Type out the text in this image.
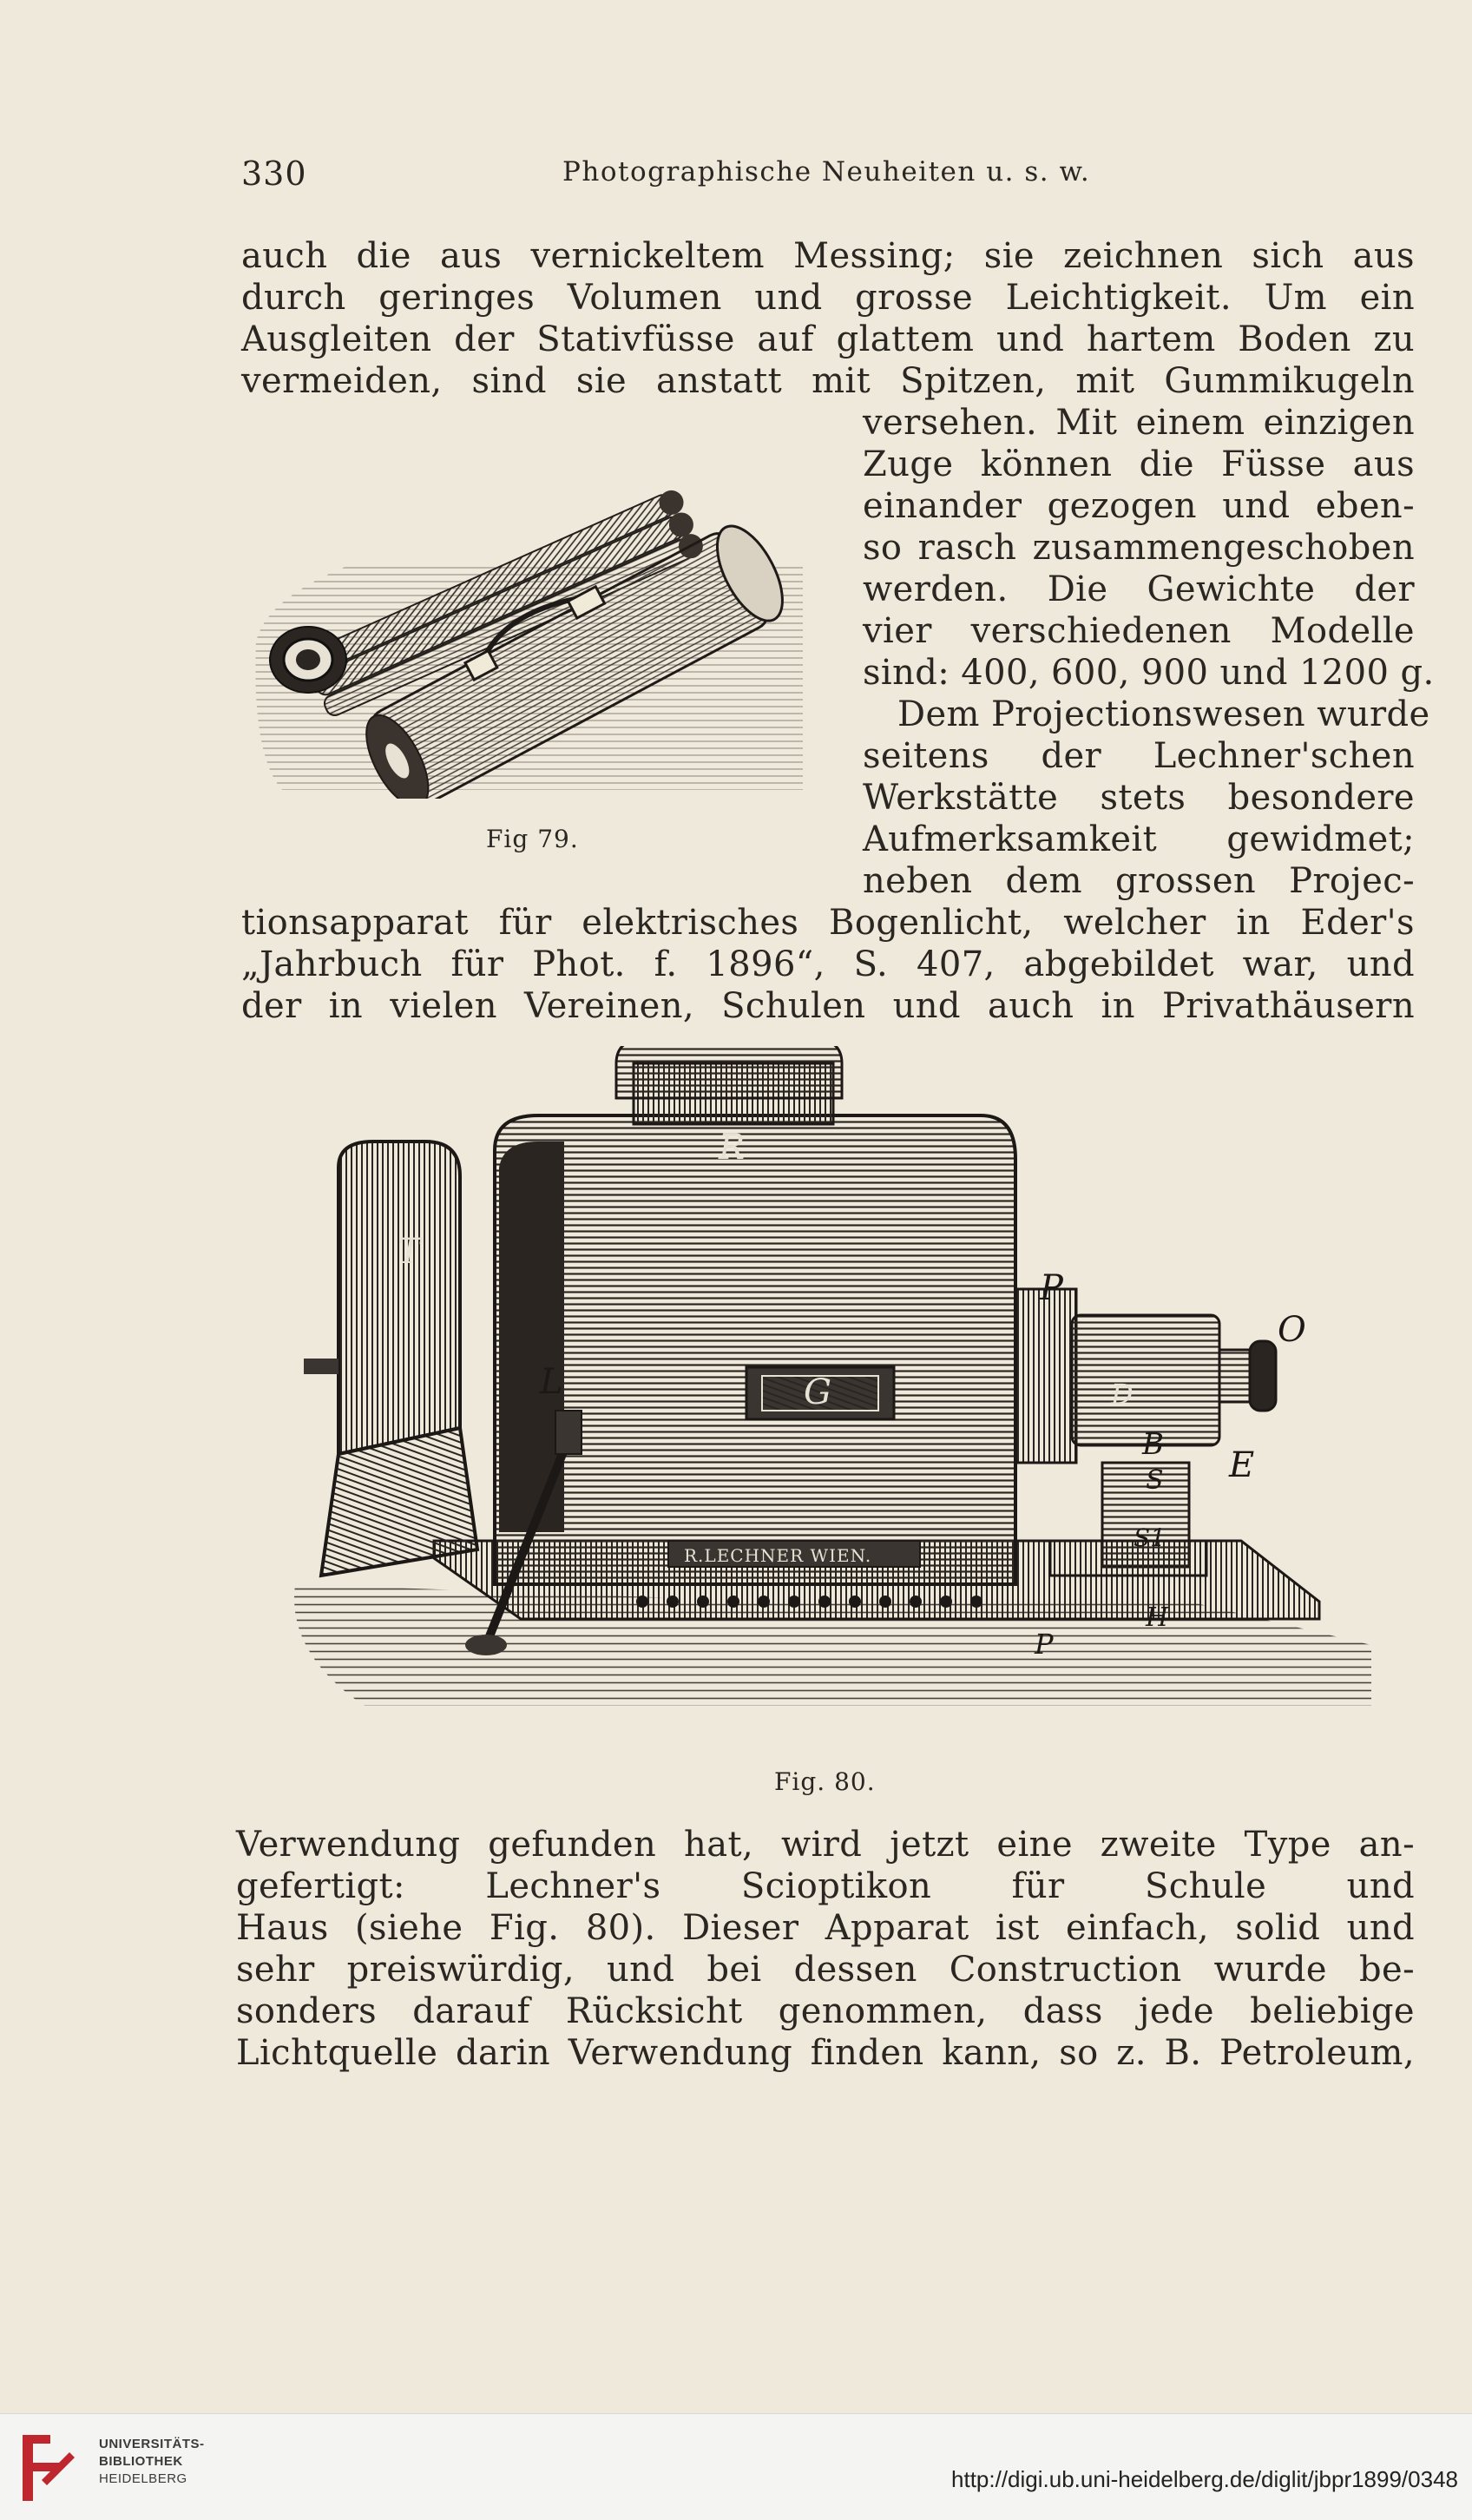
330	Photographische Neuheiten u. s. w.
auch die aus vernickeltem Messing; sie zeichnen sich aus
durch geringes Volumen und grosse Leichtigkeit. Um ein
Ausgleiten der Stativfüsse auf glattem und hartem Boden zu
vermeiden, sind sie anstatt mit Spitzen, mit Gummikugeln
versehen. Mit einem einzigen
Zuge können die Füsse aus
einander gezogen und eben-
so rasch zusammengeschoben
werden. Die Gewichte der
vier verschiedenen Modelle
sind: 400, 600, 900 und 1200 g.
Dem Projectionswesen wurde
seitens der Lechner'schen
Werkstätte stets besondere
Aufmerksamkeit gewidmet;
neben dem grossen Projec-
Fig 79.
tionsapparat für elektrisches Bogenlicht, welcher in Eder's
„Jahrbuch für Phot. f. 1896“, S. 407, abgebildet war, und
der in vielen Vereinen, Schulen und auch in Privathäusern
R
T
L	G
P
O
D
B
E
S
S1
H
P
R.LECHNER WIEN.
Fig. 80.
Verwendung gefunden hat, wird jetzt eine zweite Type an-
gefertigt: Lechner's Scioptikon für Schule und
Haus (siehe Fig. 80). Dieser Apparat ist einfach, solid und
sehr preiswürdig, und bei dessen Construction wurde be-
sonders darauf Rücksicht genommen, dass jede beliebige
Lichtquelle darin Verwendung finden kann, so z. B. Petroleum,
UNIVERSITÄTS-
BIBLIOTHEK
HEIDELBERG	http://digi.ub.uni-heidelberg.de/diglit/jbpr1899/0348
